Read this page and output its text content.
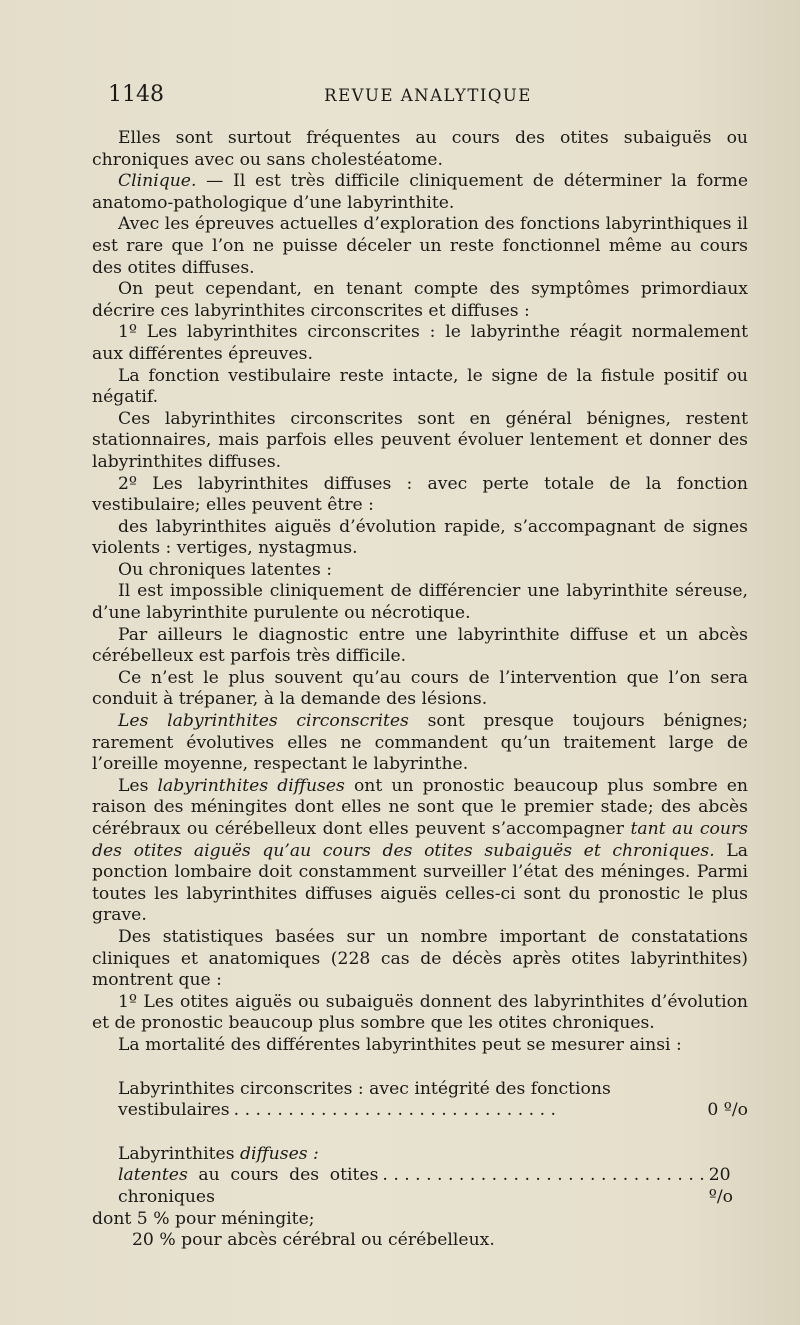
1148	REVUE ANALYTIQUE

Elles sont surtout fréquentes au cours des otites subaiguës ou chroniques avec ou sans cholestéatome.

Clinique. — Il est très difficile cliniquement de déterminer la forme anatomo-pathologique d’une labyrinthite.

Avec les épreuves actuelles d’exploration des fonctions labyrinthiques il est rare que l’on ne puisse déceler un reste fonctionnel même au cours des otites diffuses.

On peut cependant, en tenant compte des symptômes primordiaux décrire ces labyrinthites circonscrites et diffuses :

1º Les labyrinthites circonscrites : le labyrinthe réagit normalement aux différentes épreuves.

La fonction vestibulaire reste intacte, le signe de la fistule positif ou négatif.

Ces labyrinthites circonscrites sont en général bénignes, restent stationnaires, mais parfois elles peuvent évoluer lentement et donner des labyrinthites diffuses.

2º Les labyrinthites diffuses : avec perte totale de la fonction vestibulaire; elles peuvent être :

des labyrinthites aiguës d’évolution rapide, s’accompagnant de signes violents : vertiges, nystagmus.

Ou chroniques latentes :

Il est impossible cliniquement de différencier une labyrinthite séreuse, d’une labyrinthite purulente ou nécrotique.

Par ailleurs le diagnostic entre une labyrinthite diffuse et un abcès cérébelleux est parfois très difficile.

Ce n’est le plus souvent qu’au cours de l’intervention que l’on sera conduit à trépaner, à la demande des lésions.

Les labyrinthites circonscrites sont presque toujours bénignes; rarement évolutives elles ne commandent qu’un traitement large de l’oreille moyenne, respectant le labyrinthe.

Les labyrinthites diffuses ont un pronostic beaucoup plus sombre en raison des méningites dont elles ne sont que le premier stade; des abcès cérébraux ou cérébelleux dont elles peuvent s’accompagner tant au cours des otites aiguës qu’au cours des otites subaiguës et chroniques. La ponction lombaire doit constamment surveiller l’état des méninges. Parmi toutes les labyrinthites diffuses aiguës celles-ci sont du pronostic le plus grave.

Des statistiques basées sur un nombre important de constatations cliniques et anatomiques (228 cas de décès après otites labyrinthites) montrent que :

1º Les otites aiguës ou subaiguës donnent des labyrinthites d’évolution et de pronostic beaucoup plus sombre que les otites chroniques.

La mortalité des différentes labyrinthites peut se mesurer ainsi :

Labyrinthites circonscrites : avec intégrité des fonctions
vestibulaires . . . . . . . . . . . . . . . . . . . . . . . . . . . . . .	0 º/o
Labyrinthites diffuses :
latentes au cours des otites chroniques
. . . . . . . . . . . . . . . . . . . . . . . . . . . . . . 20 º/o
dont 5 % pour méningite;
20 % pour abcès cérébral ou cérébelleux.
